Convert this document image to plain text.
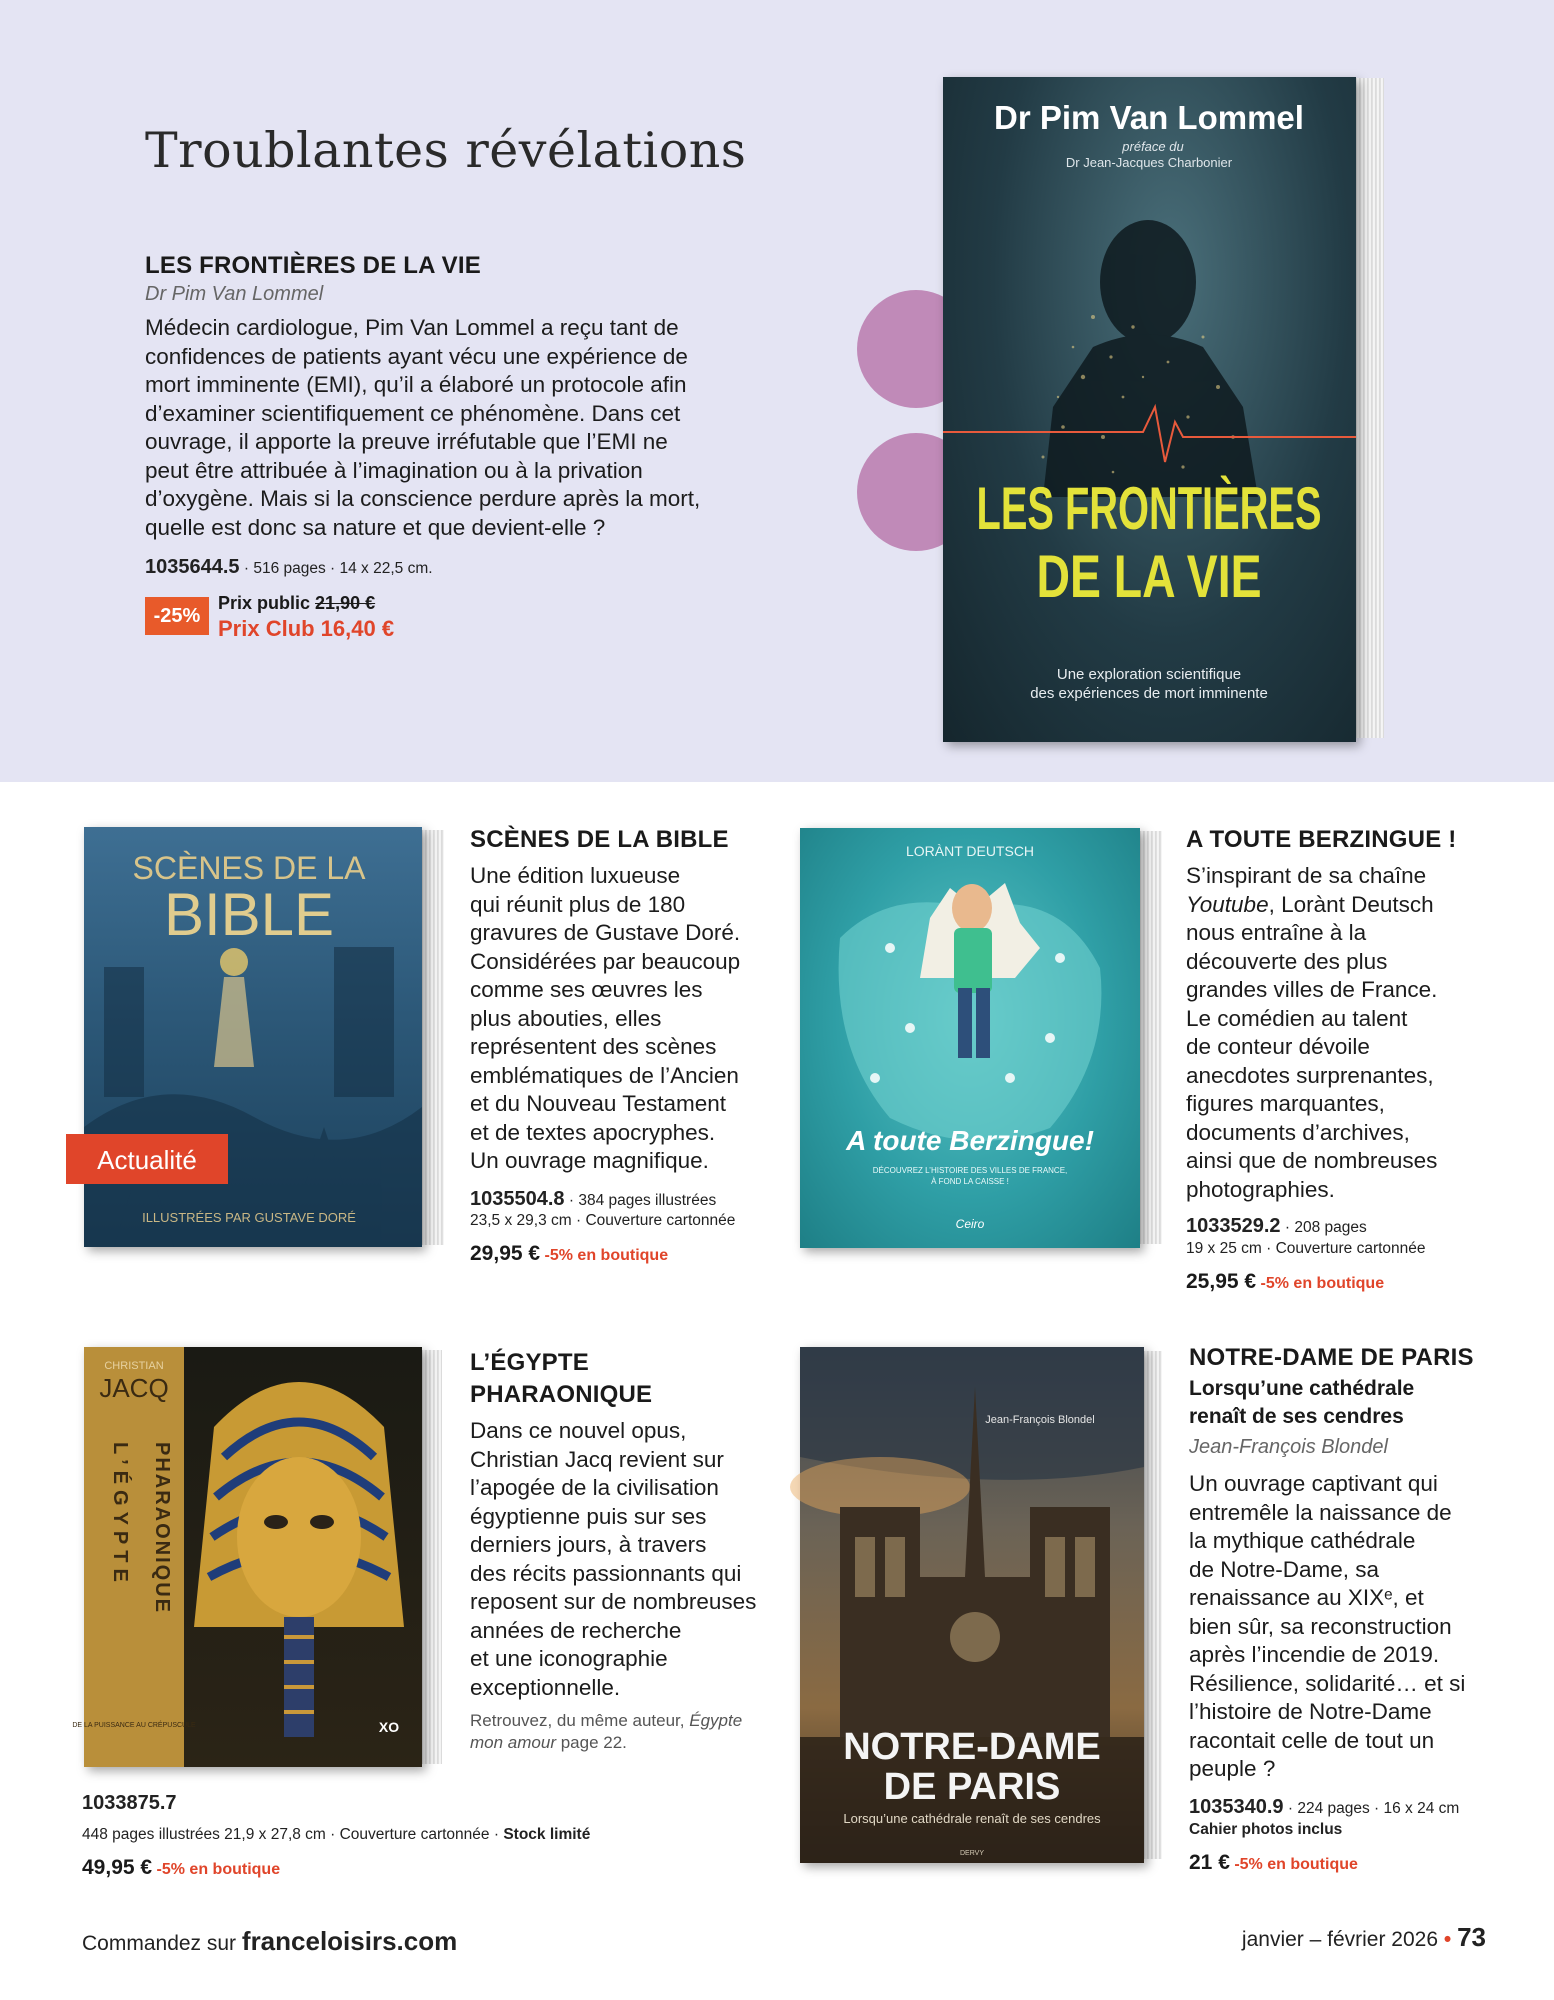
Troublantes révélations
LES FRONTIÈRES DE LA VIE
Dr Pim Van Lommel
Médecin cardiologue, Pim Van Lommel a reçu tant de
confidences de patients ayant vécu une expérience de
mort imminente (EMI), qu’il a élaboré un protocole afin
d’examiner scientifiquement ce phénomène. Dans cet
ouvrage, il apporte la preuve irréfutable que l’EMI ne
peut être attribuée à l’imagination ou à la privation
d’oxygène. Mais si la conscience perdure après la mort,
quelle est donc sa nature et que devient-elle ?
1035644.5 · 516 pages · 14 x 22,5 cm.
-25%
Prix public 21,90 €
Prix Club 16,40 €
Dr Pim Van Lommel
préface du
Dr Jean-Jacques Charbonier
LES FRONTIÈRES
DE LA VIE
Une exploration scientifique
des expériences de mort imminente
SCÈNES DE LA
BIBLE
ILLUSTRÉES PAR GUSTAVE DORÉ
Actualité
SCÈNES DE LA BIBLE
Une édition luxueuse
qui réunit plus de 180
gravures de Gustave Doré.
Considérées par beaucoup
comme ses œuvres les
plus abouties, elles
représentent des scènes
emblématiques de l’Ancien
et du Nouveau Testament
et de textes apocryphes.
Un ouvrage magnifique.
1035504.8 · 384 pages illustrées
23,5 x 29,3 cm · Couverture cartonnée
29,95 € -5% en boutique
LORÀNT DEUTSCH
A toute Berzingue!
DÉCOUVREZ L’HISTOIRE DES VILLES DE FRANCE,
À FOND LA CAISSE !
Ceiro
A TOUTE BERZINGUE !
S’inspirant de sa chaîne
Youtube, Lorànt Deutsch
nous entraîne à la
découverte des plus
grandes villes de France.
Le comédien au talent
de conteur dévoile
anecdotes surprenantes,
figures marquantes,
documents d’archives,
ainsi que de nombreuses
photographies.
1033529.2 · 208 pages
19 x 25 cm · Couverture cartonnée
25,95 € -5% en boutique
CHRISTIAN
JACQ
L’ÉGYPTE PHARAONIQUE
DE LA PUISSANCE AU CRÉPUSCULE	XO
L’ÉGYPTE
PHARAONIQUE
Dans ce nouvel opus,
Christian Jacq revient sur
l’apogée de la civilisation
égyptienne puis sur ses
derniers jours, à travers
des récits passionnants qui
reposent sur de nombreuses
années de recherche
et une iconographie
exceptionnelle.
Retrouvez, du même auteur, Égypte
mon amour page 22.
1033875.7
448 pages illustrées 21,9 x 27,8 cm · Couverture cartonnée · Stock limité
49,95 € -5% en boutique
Jean-François Blondel
NOTRE-DAME
DE PARIS
Lorsqu’une cathédrale renaît de ses cendres
DERVY
NOTRE-DAME DE PARIS
Lorsqu’une cathédrale
renaît de ses cendres
Jean-François Blondel
Un ouvrage captivant qui
entremêle la naissance de
la mythique cathédrale
de Notre-Dame, sa
renaissance au XIXᵉ, et
bien sûr, sa reconstruction
après l’incendie de 2019.
Résilience, solidarité… et si
l’histoire de Notre-Dame
racontait celle de tout un
peuple ?
1035340.9 · 224 pages · 16 x 24 cm
Cahier photos inclus
21 € -5% en boutique
Commandez sur franceloisirs.com	janvier – février 2026 • 73
